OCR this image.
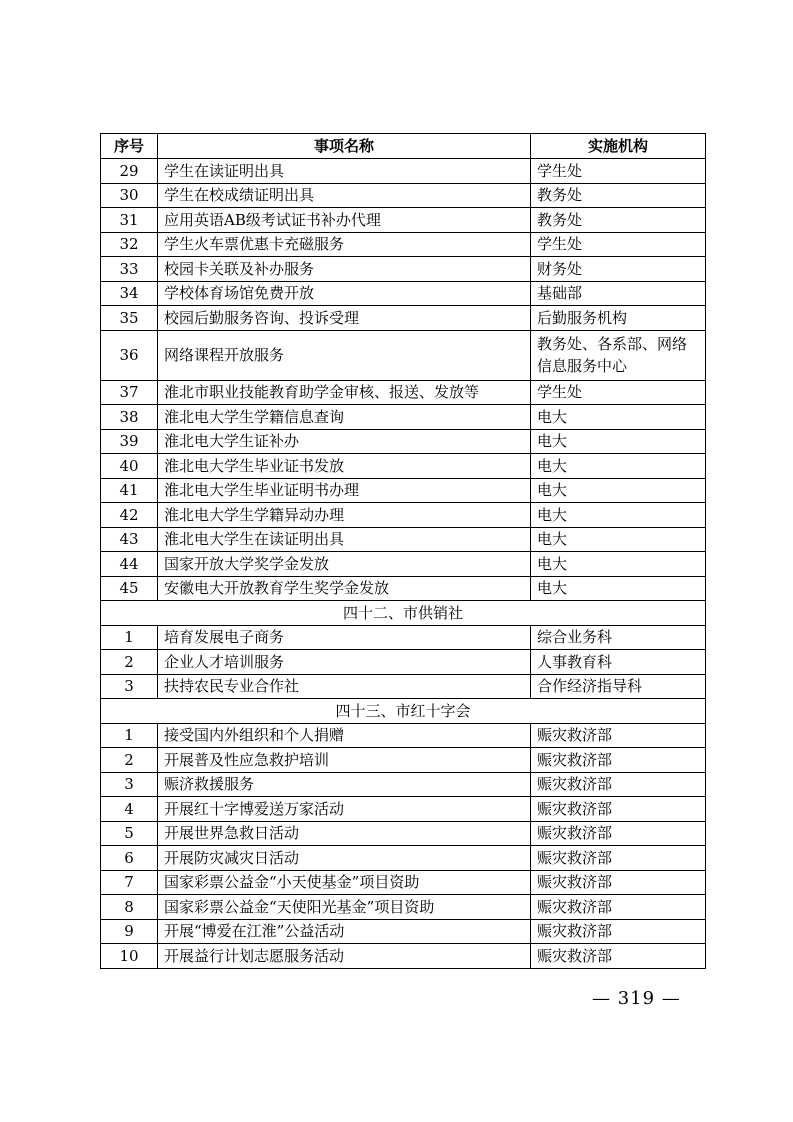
序号	事项名称	实施机构
29	学生在读证明出具	学生处
30	学生在校成绩证明出具	教务处
31	应用英语AB级考试证书补办代理	教务处
32	学生火车票优惠卡充磁服务	学生处
33	校园卡关联及补办服务	财务处
34	学校体育场馆免费开放	基础部
35	校园后勤服务咨询、投诉受理	后勤服务机构
36	网络课程开放服务	教务处、各系部、网络信息服务中心
37	淮北市职业技能教育助学金审核、报送、发放等	学生处
38	淮北电大学生学籍信息查询	电大
39	淮北电大学生证补办	电大
40	淮北电大学生毕业证书发放	电大
41	淮北电大学生毕业证明书办理	电大
42	淮北电大学生学籍异动办理	电大
43	淮北电大学生在读证明出具	电大
44	国家开放大学奖学金发放	电大
45	安徽电大开放教育学生奖学金发放	电大
四十二、市供销社		
1	培育发展电子商务	综合业务科
2	企业人才培训服务	人事教育科
3	扶持农民专业合作社	合作经济指导科
四十三、市红十字会		
1	接受国内外组织和个人捐赠	赈灾救济部
2	开展普及性应急救护培训	赈灾救济部
3	赈济救援服务	赈灾救济部
4	开展红十字博爱送万家活动	赈灾救济部
5	开展世界急救日活动	赈灾救济部
6	开展防灾减灾日活动	赈灾救济部
7	国家彩票公益金“小天使基金”项目资助	赈灾救济部
8	国家彩票公益金“天使阳光基金”项目资助	赈灾救济部
9	开展“博爱在江淮”公益活动	赈灾救济部
10	开展益行计划志愿服务活动	赈灾救济部
— 319 —
